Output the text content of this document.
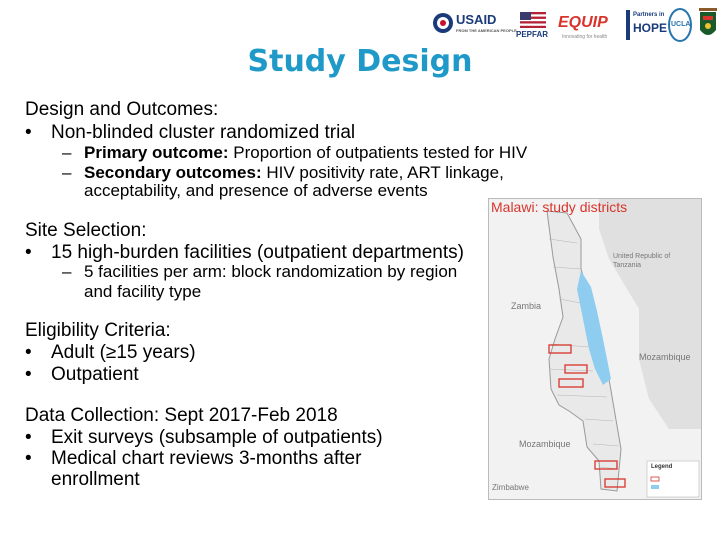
USAID
FROM THE AMERICAN PEOPLE PEPFAR
EQUIP
Innovating for health
Partners in
HOPE UCLA
Study Design
Design and Outcomes:
• Non-blinded cluster randomized trial
– Primary outcome: Proportion of outpatients tested for HIV
– Secondary outcomes: HIV positivity rate, ART linkage,
acceptability, and presence of adverse events
Site Selection:
• 15 high-burden facilities (outpatient departments)
– 5 facilities per arm: block randomization by region
and facility type
Eligibility Criteria:
• Adult (≥15 years)
• Outpatient
Data Collection: Sept 2017-Feb 2018
• Exit surveys (subsample of outpatients)
• Medical chart reviews 3-months after
enrollment
United Republic of Tanzania
Zambia
Mozambique
Mozambique
Zimbabwe
Legend
Malawi: study districts
